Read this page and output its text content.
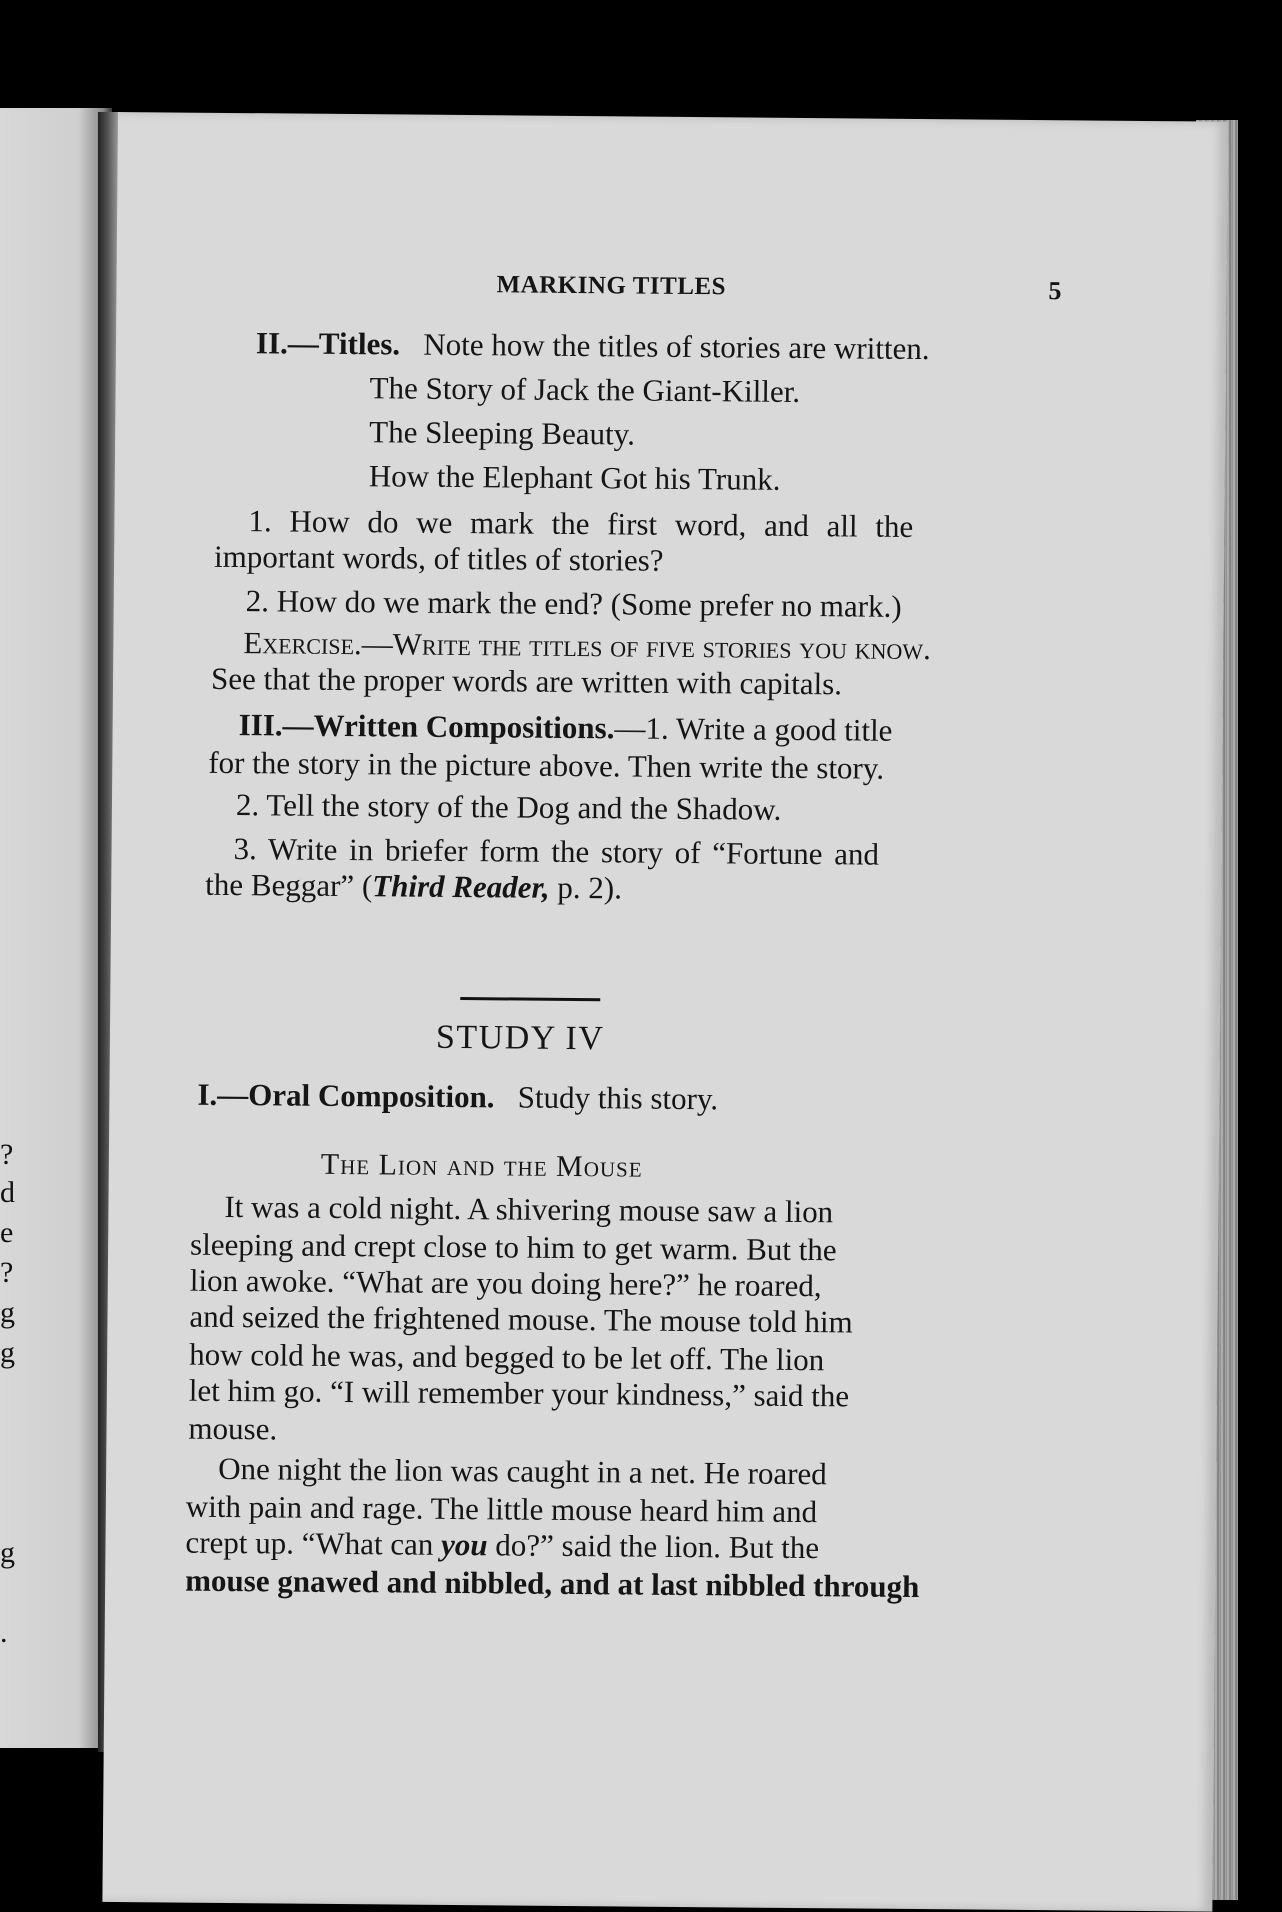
?
d
e
?
g
g
g
.
MARKING TITLES	5
II.—Titles. Note how the titles of stories are written.
The Story of Jack the Giant-Killer.
The Sleeping Beauty.
How the Elephant Got his Trunk.
1. How do we mark the first word, and all the
important words, of titles of stories?
2. How do we mark the end? (Some prefer no mark.)
Exercise.—Write the titles of five stories you know.
See that the proper words are written with capitals.
III.—Written Compositions.—1. Write a good title
for the story in the picture above. Then write the story.
2. Tell the story of the Dog and the Shadow.
3. Write in briefer form the story of “Fortune and
the Beggar” (Third Reader, p. 2).
STUDY IV
I.—Oral Composition. Study this story.
The Lion and the Mouse
It was a cold night. A shivering mouse saw a lion
sleeping and crept close to him to get warm. But the
lion awoke. “What are you doing here?” he roared,
and seized the frightened mouse. The mouse told him
how cold he was, and begged to be let off. The lion
let him go. “I will remember your kindness,” said the
mouse.
One night the lion was caught in a net. He roared
with pain and rage. The little mouse heard him and
crept up. “What can you do?” said the lion. But the
mouse gnawed and nibbled, and at last nibbled through
